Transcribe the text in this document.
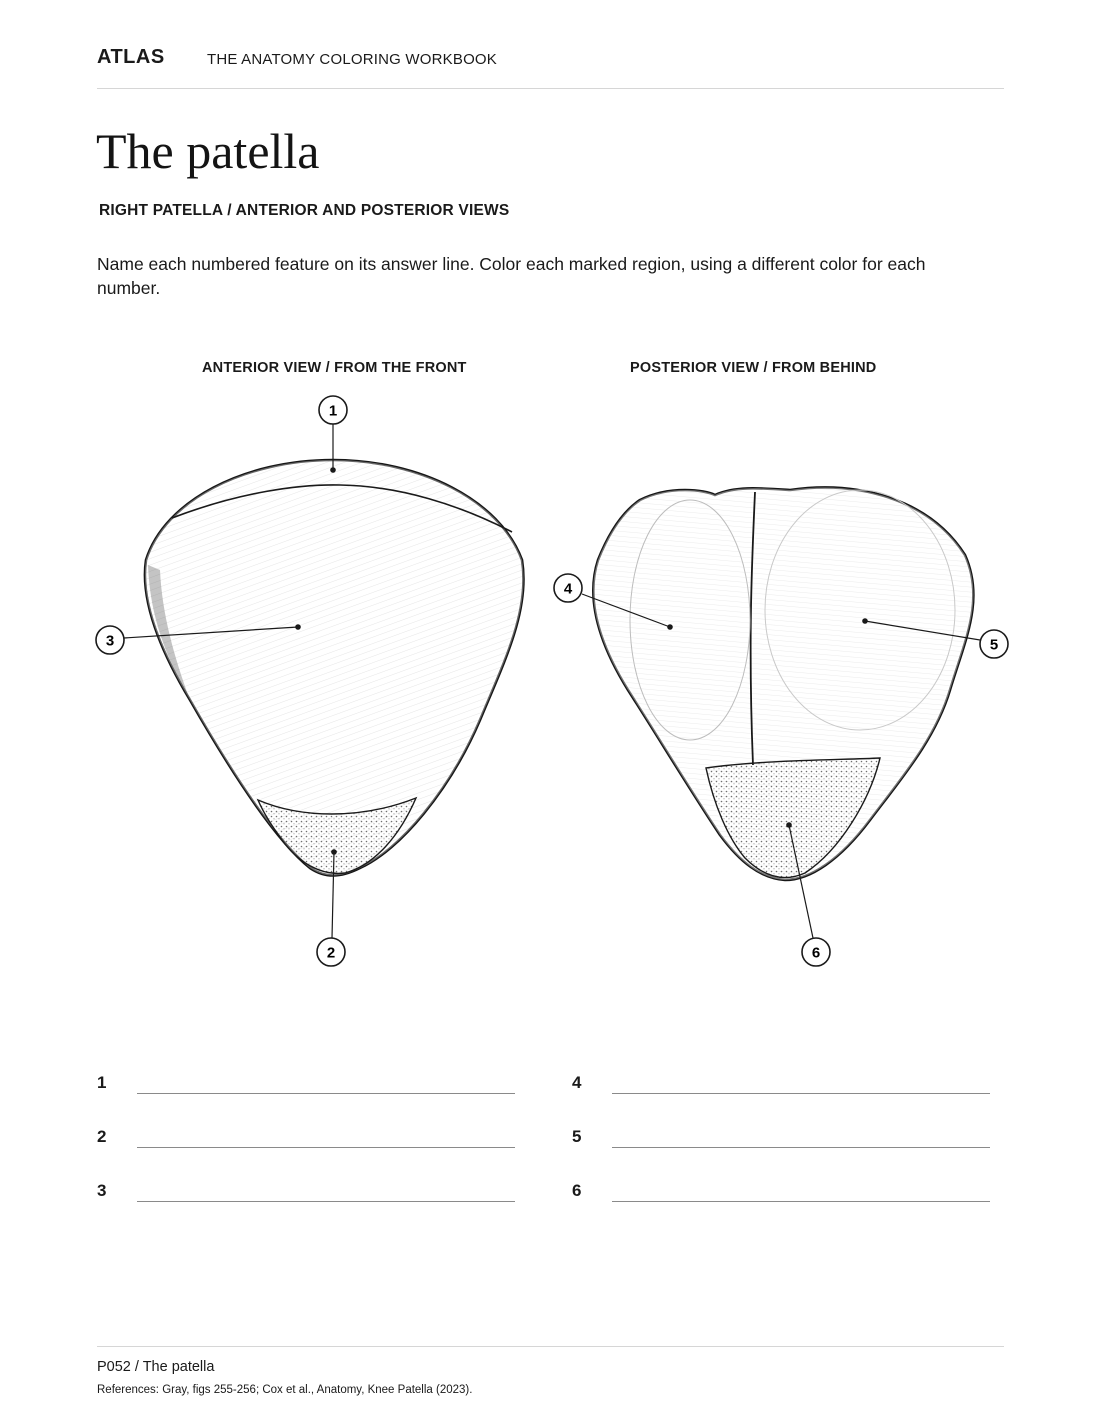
ATLAS	THE ANATOMY COLORING WORKBOOK
The patella
RIGHT PATELLA / ANTERIOR AND POSTERIOR VIEWS
Name each numbered feature on its answer line. Color each marked region, using a different color for each number.
ANTERIOR VIEW / FROM THE FRONT	POSTERIOR VIEW / FROM BEHIND
1
2
3
4
5
6
1
2
3
4
5
6
P052 / The patella
References: Gray, figs 255-256; Cox et al., Anatomy, Knee Patella (2023).
